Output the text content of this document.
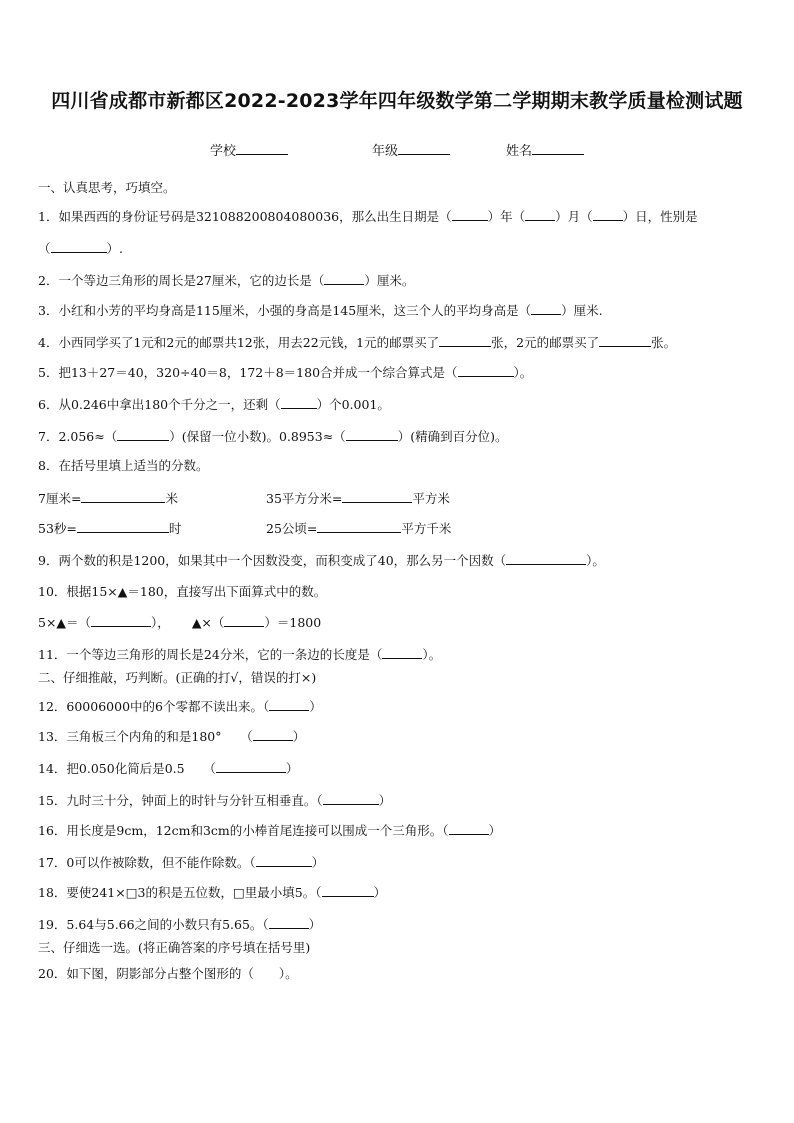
四川省成都市新都区2022-2023学年四年级数学第二学期期末教学质量检测试题
学校	年级	姓名
一、认真思考，巧填空。
1．如果西西的身份证号码是321088200804080036，那么出生日期是（	）年（ ）月（ ）日，性别是
（	）.
2．一个等边三角形的周长是27厘米，它的边长是（	）厘米。
3．小红和小芳的平均身高是115厘米，小强的身高是145厘米，这三个人的平均身高是（ ）厘米.
4．小西同学买了1元和2元的邮票共12张，用去22元钱，1元的邮票买了	张，2元的邮票买了	张。
5．把13＋27＝40，320÷40＝8，172＋8＝180合并成一个综合算式是（	）。
6．从0.246中拿出180个千分之一，还剩（	）个0.001。
7．2.056≈（	）(保留一位小数)。0.8953≈（	）(精确到百分位)。
8．在括号里填上适当的分数。
7厘米=	米	35平方分米=	平方米
53秒=	时	25公顷=	平方千米
9．两个数的积是1200，如果其中一个因数没变，而积变成了40，那么另一个因数（	）。
10．根据15×▲＝180，直接写出下面算式中的数。
5×▲＝（	）， ▲×（	）＝1800
11．一个等边三角形的周长是24分米，它的一条边的长度是（	）。
二、仔细推敲，巧判断。(正确的打√，错误的打×)
12．60006000中的6个零都不读出来。（	）
13．三角板三个内角的和是180°　　（	）
14．把0.050化简后是0.5　　（	）
15．九时三十分，钟面上的时针与分针互相垂直。（	）
16．用长度是9cm，12cm和3cm的小棒首尾连接可以围成一个三角形。（	）
17．0可以作被除数，但不能作除数。（	）
18．要使241×□3的积是五位数，□里最小填5。（	）
19．5.64与5.66之间的小数只有5.65。（	）
三、仔细选一选。(将正确答案的序号填在括号里)
20．如下图，阴影部分占整个图形的（　　）。
